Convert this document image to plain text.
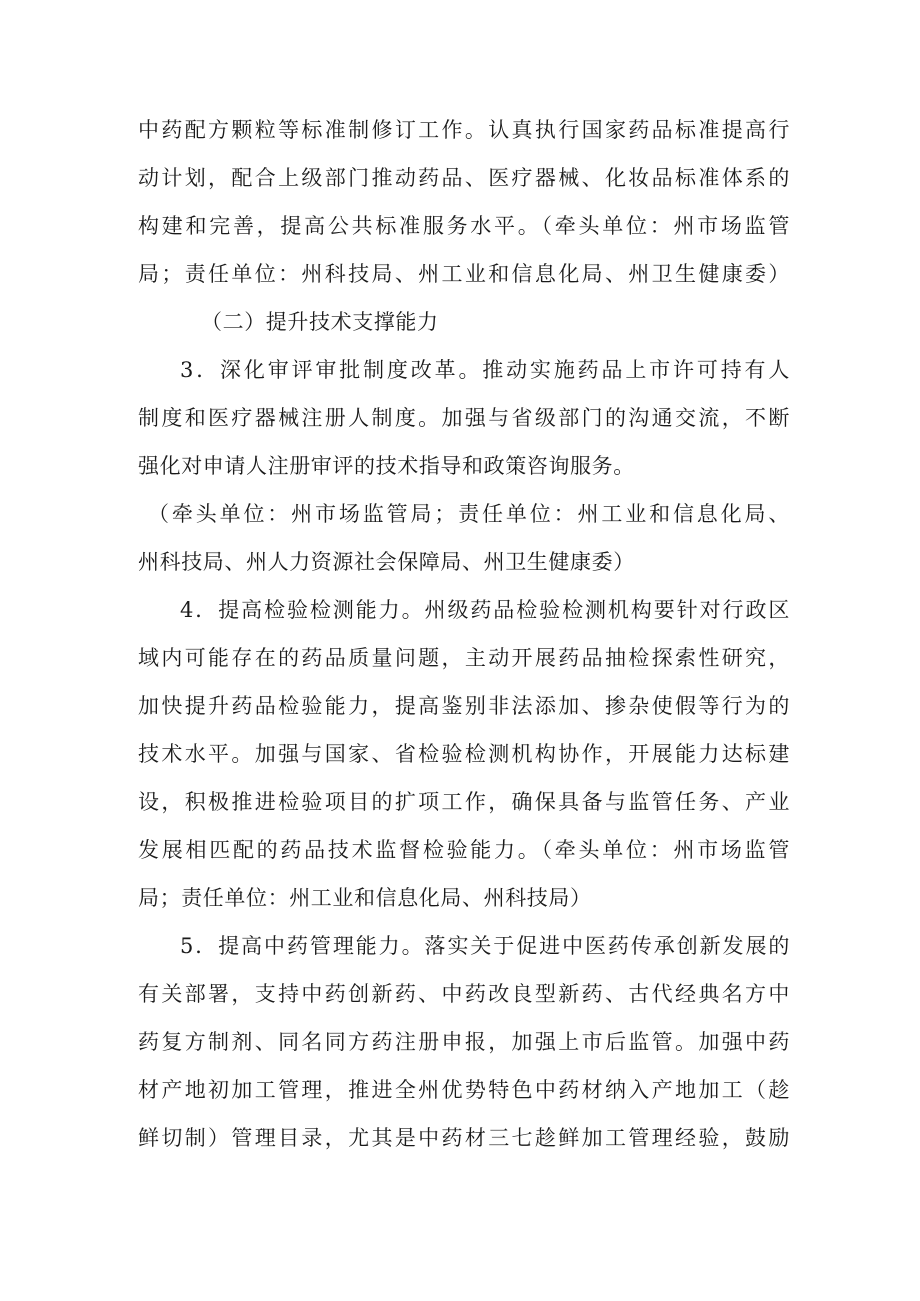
中药配方颗粒等标准制修订工作。认真执行国家药品标准提高行
动计划，配合上级部门推动药品、医疗器械、化妆品标准体系的
构建和完善，提高公共标准服务水平。（牵头单位：州市场监管
局；责任单位：州科技局、州工业和信息化局、州卫生健康委）
（二）提升技术支撑能力
3．深化审评审批制度改革。推动实施药品上市许可持有人
制度和医疗器械注册人制度。加强与省级部门的沟通交流，不断
强化对申请人注册审评的技术指导和政策咨询服务。
（牵头单位：州市场监管局；责任单位：州工业和信息化局、
州科技局、州人力资源社会保障局、州卫生健康委）
4．提高检验检测能力。州级药品检验检测机构要针对行政区
域内可能存在的药品质量问题，主动开展药品抽检探索性研究，
加快提升药品检验能力，提高鉴别非法添加、掺杂使假等行为的
技术水平。加强与国家、省检验检测机构协作，开展能力达标建
设，积极推进检验项目的扩项工作，确保具备与监管任务、产业
发展相匹配的药品技术监督检验能力。（牵头单位：州市场监管
局；责任单位：州工业和信息化局、州科技局）
5．提高中药管理能力。落实关于促进中医药传承创新发展的
有关部署，支持中药创新药、中药改良型新药、古代经典名方中
药复方制剂、同名同方药注册申报，加强上市后监管。加强中药
材产地初加工管理，推进全州优势特色中药材纳入产地加工（趁
鲜切制）管理目录，尤其是中药材三七趁鲜加工管理经验，鼓励
